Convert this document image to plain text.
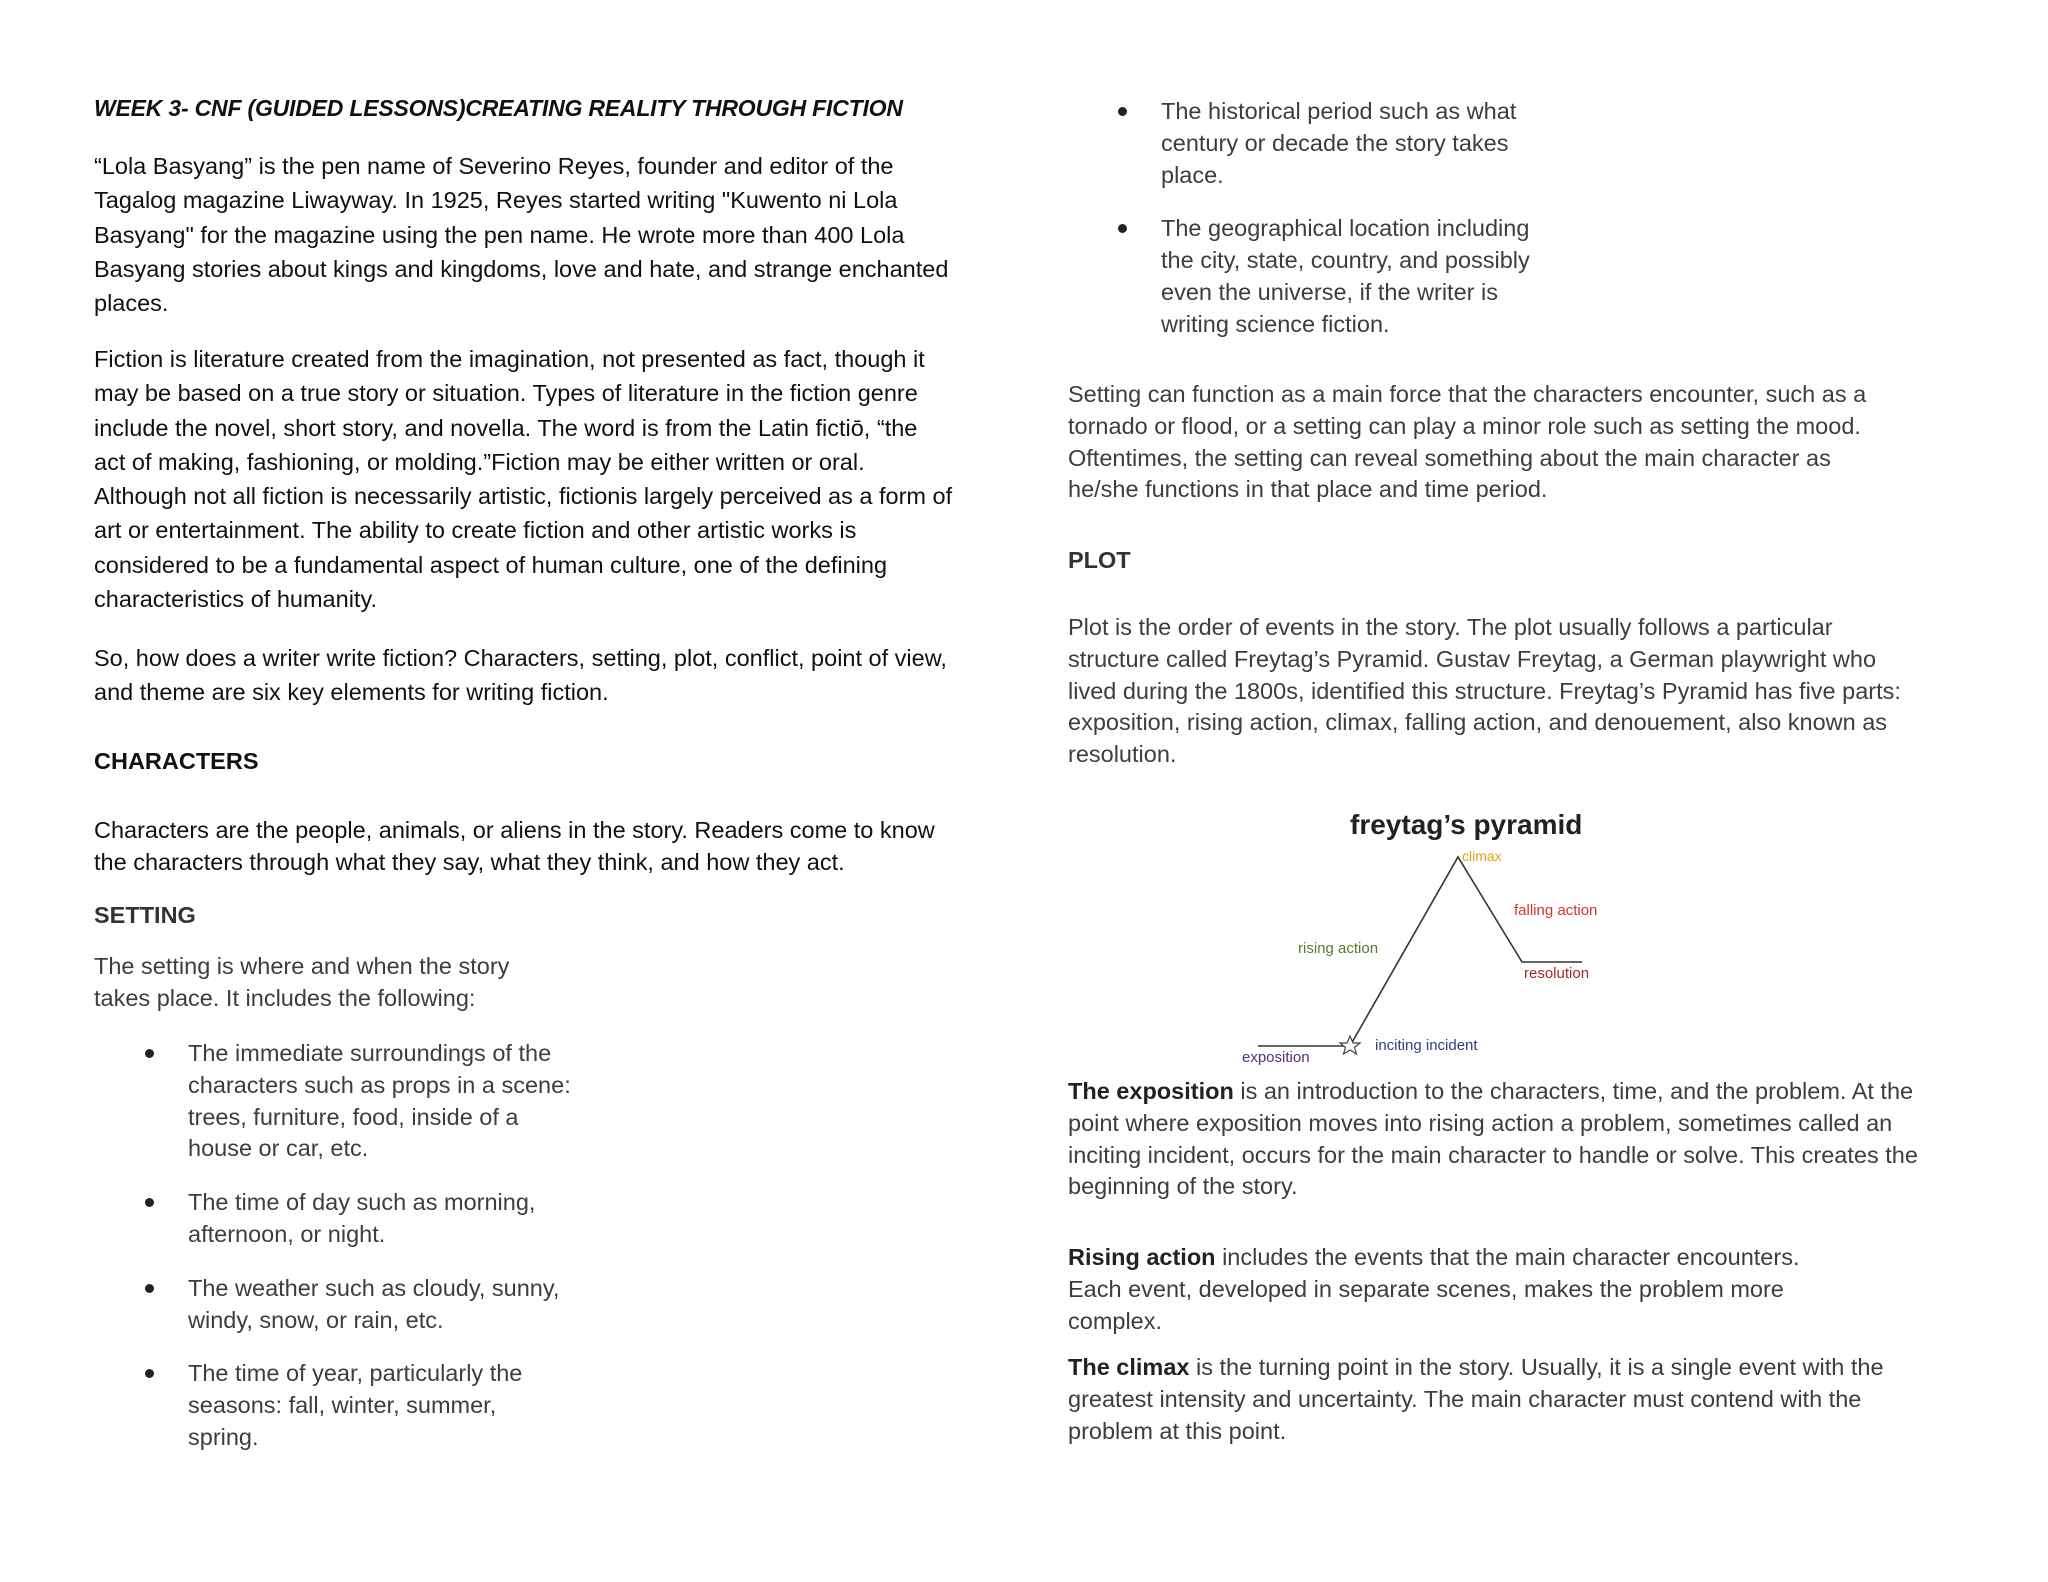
WEEK 3- CNF (GUIDED LESSONS)CREATING REALITY THROUGH FICTION
“Lola Basyang” is the pen name of Severino Reyes, founder and editor of the
Tagalog magazine Liwayway. In 1925, Reyes started writing "Kuwento ni Lola
Basyang" for the magazine using the pen name. He wrote more than 400 Lola
Basyang stories about kings and kingdoms, love and hate, and strange enchanted
places.
Fiction is literature created from the imagination, not presented as fact, though it
may be based on a true story or situation. Types of literature in the fiction genre
include the novel, short story, and novella. The word is from the Latin fictiō, “the
act of making, fashioning, or molding.”Fiction may be either written or oral.
Although not all fiction is necessarily artistic, fictionis largely perceived as a form of
art or entertainment. The ability to create fiction and other artistic works is
considered to be a fundamental aspect of human culture, one of the defining
characteristics of humanity.
So, how does a writer write fiction? Characters, setting, plot, conflict, point of view,
and theme are six key elements for writing fiction.
CHARACTERS
Characters are the people, animals, or aliens in the story. Readers come to know
the characters through what they say, what they think, and how they act.
SETTING
The setting is where and when the story
takes place. It includes the following:
The immediate surroundings of the
characters such as props in a scene:
trees, furniture, food, inside of a
house or car, etc.
The time of day such as morning,
afternoon, or night.
The weather such as cloudy, sunny,
windy, snow, or rain, etc.
The time of year, particularly the
seasons: fall, winter, summer,
spring.
The historical period such as what
century or decade the story takes
place.
The geographical location including
the city, state, country, and possibly
even the universe, if the writer is
writing science fiction.
Setting can function as a main force that the characters encounter, such as a
tornado or flood, or a setting can play a minor role such as setting the mood.
Oftentimes, the setting can reveal something about the main character as
he/she functions in that place and time period.
PLOT
Plot is the order of events in the story. The plot usually follows a particular
structure called Freytag’s Pyramid. Gustav Freytag, a German playwright who
lived during the 1800s, identified this structure. Freytag’s Pyramid has five parts:
exposition, rising action, climax, falling action, and denouement, also known as
resolution.
freytag’s pyramid
climax
falling action
rising action
resolution
exposition
inciting incident
The exposition is an introduction to the characters, time, and the problem. At the
point where exposition moves into rising action a problem, sometimes called an
inciting incident, occurs for the main character to handle or solve. This creates the
beginning of the story.
Rising action includes the events that the main character encounters.
Each event, developed in separate scenes, makes the problem more
complex.
The climax is the turning point in the story. Usually, it is a single event with the
greatest intensity and uncertainty. The main character must contend with the
problem at this point.
